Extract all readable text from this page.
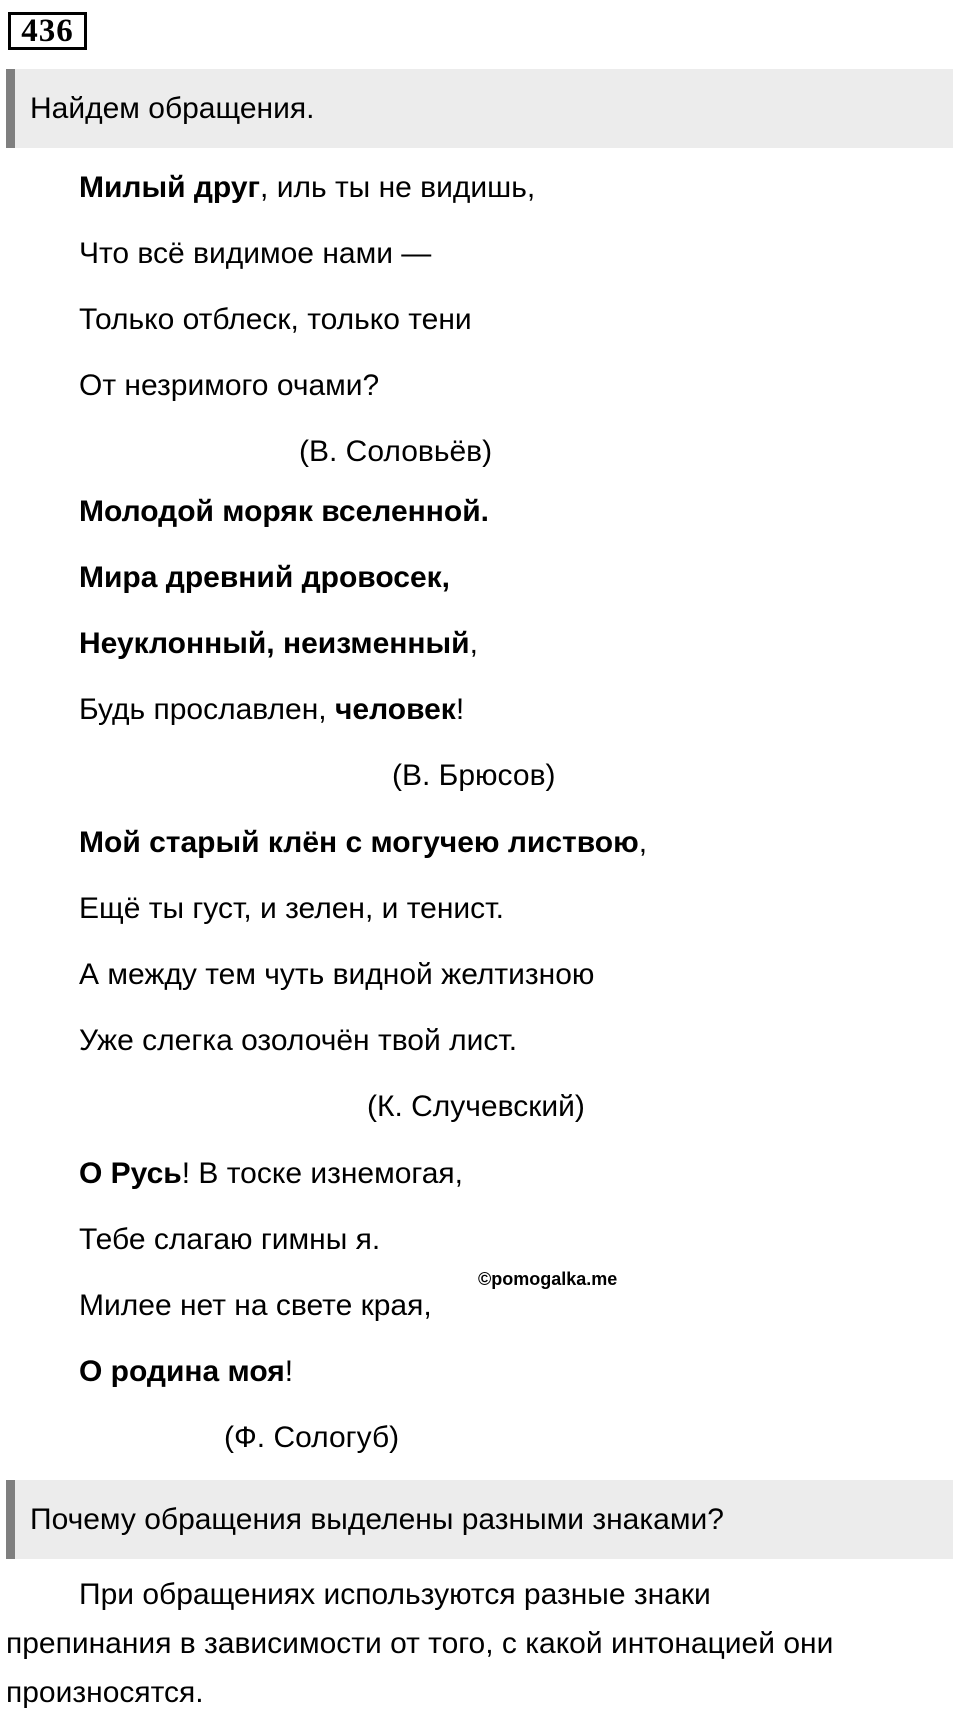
436
Найдем обращения.
Милый друг, иль ты не видишь,
Что всё видимое нами —
Только отблеск, только тени
От незримого очами?
(В. Соловьёв)
Молодой моряк вселенной.
Мира древний дровосек,
Неуклонный, неизменный,
Будь прославлен, человек!
(В. Брюсов)
Мой старый клён с могучею листвою,
Ещё ты густ, и зелен, и тенист.
А между тем чуть видной желтизною
Уже слегка озолочён твой лист.
(К. Случевский)
О Русь! В тоске изнемогая,
Тебе слагаю гимны я.
Милее нет на свете края,
О родина моя!
(Ф. Сологуб)
©pomogalka.me
Почему обращения выделены разными знаками?
При обращениях используются разные знаки
препинания в зависимости от того, с какой интонацией они произносятся.
